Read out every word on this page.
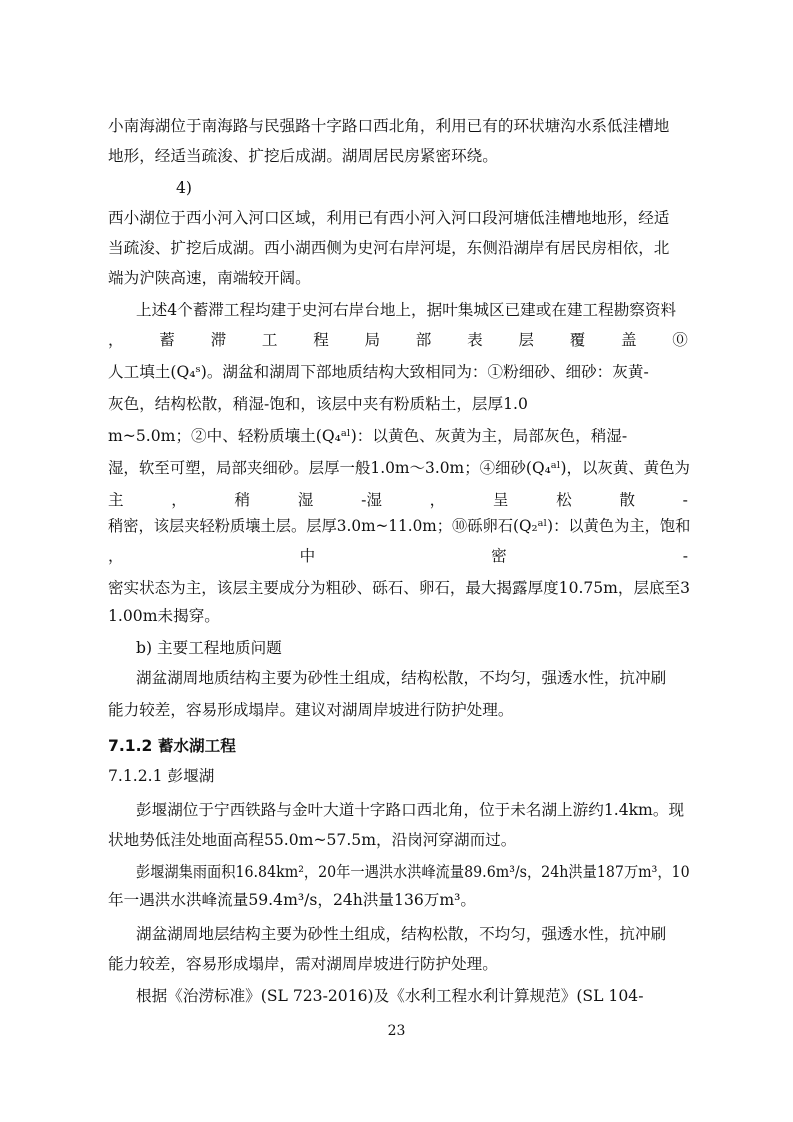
小南海湖位于南海路与民强路十字路口西北角，利用已有的环状塘沟水系低洼槽地
地形，经适当疏浚、扩挖后成湖。湖周居民房紧密环绕。
4)
西小湖位于西小河入河口区域，利用已有西小河入河口段河塘低洼槽地地形，经适
当疏浚、扩挖后成湖。西小湖西侧为史河右岸河堤，东侧沿湖岸有居民房相依，北
端为沪陕高速，南端较开阔。
上述4个蓄滞工程均建于史河右岸台地上，据叶集城区已建或在建工程勘察资料
， 蓄 滞 工 程 局 部 表 层 覆 盖 ⓪
人工填土(Q₄ˢ)。湖盆和湖周下部地质结构大致相同为：①粉细砂、细砂：灰黄-
灰色，结构松散，稍湿-饱和，该层中夹有粉质粘土，层厚1.0
m~5.0m；②中、轻粉质壤土(Q₄ᵃˡ)：以黄色、灰黄为主，局部灰色，稍湿-
湿，软至可塑，局部夹细砂。层厚一般1.0m～3.0m；④细砂(Q₄ᵃˡ)，以灰黄、黄色为
主	，	稍	湿	-湿	，	呈	松	散	-
稍密，该层夹轻粉质壤土层。层厚3.0m~11.0m；⑩砾卵石(Q₂ᵃˡ)：以黄色为主，饱和
，	中	密	-
密实状态为主，该层主要成分为粗砂、砾石、卵石，最大揭露厚度10.75m，层底至3
1.00m未揭穿。
b) 主要工程地质问题
湖盆湖周地质结构主要为砂性土组成，结构松散，不均匀，强透水性，抗冲刷
能力较差，容易形成塌岸。建议对湖周岸坡进行防护处理。
7.1.2 蓄水湖工程
7.1.2.1 彭堰湖
彭堰湖位于宁西铁路与金叶大道十字路口西北角，位于未名湖上游约1.4km。现
状地势低洼处地面高程55.0m~57.5m，沿岗河穿湖而过。
彭堰湖集雨面积16.84km²，20年一遇洪水洪峰流量89.6m³/s，24h洪量187万m³，10
年一遇洪水洪峰流量59.4m³/s，24h洪量136万m³。
湖盆湖周地层结构主要为砂性土组成，结构松散，不均匀，强透水性，抗冲刷
能力较差，容易形成塌岸，需对湖周岸坡进行防护处理。
根据《治涝标准》(SL 723-2016)及《水利工程水利计算规范》(SL 104-
23
